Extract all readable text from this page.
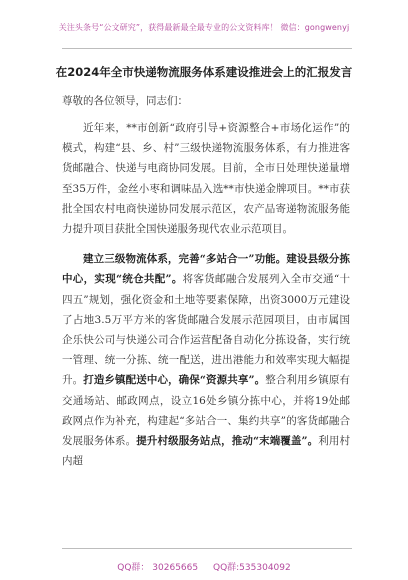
关注头条号“公文研究”，获得最新最全最专业的公文资料库！ 微信：gongwenyj
在2024年全市快递物流服务体系建设推进会上的汇报发言
尊敬的各位领导，同志们：

近年来，**市创新“政府引导+资源整合+市场化运作”的模式，构建“县、乡、村”三级快递物流服务体系，有力推进客货邮融合、快递与电商协同发展。目前，全市日处理快递量增至35万件，金丝小枣和调味品入选**市快递金牌项目。**市获批全国农村电商快递协同发展示范区，农产品寄递物流服务能力提升项目获批全国快递服务现代农业示范项目。

建立三级物流体系，完善“多站合一”功能。建设县级分拣中心，实现“统仓共配”。将客货邮融合发展列入全市交通“十四五”规划，强化资金和土地等要素保障，出资3000万元建设了占地3.5万平方米的客货邮融合发展示范园项目，由市属国企乐快公司与快递公司合作运营配备自动化分拣设备，实行统一管理、统一分拣、统一配送，进出港能力和效率实现大幅提升。打造乡镇配送中心，确保“资源共享”。整合利用乡镇原有交通场站、邮政网点，设立16处乡镇分拣中心，并将19处邮政网点作为补充，构建起“多站合一、集约共享”的客货邮融合发展服务体系。提升村级服务站点，推动“末端覆盖”。利用村内超

QQ群： 30265665 QQ群:535304092
